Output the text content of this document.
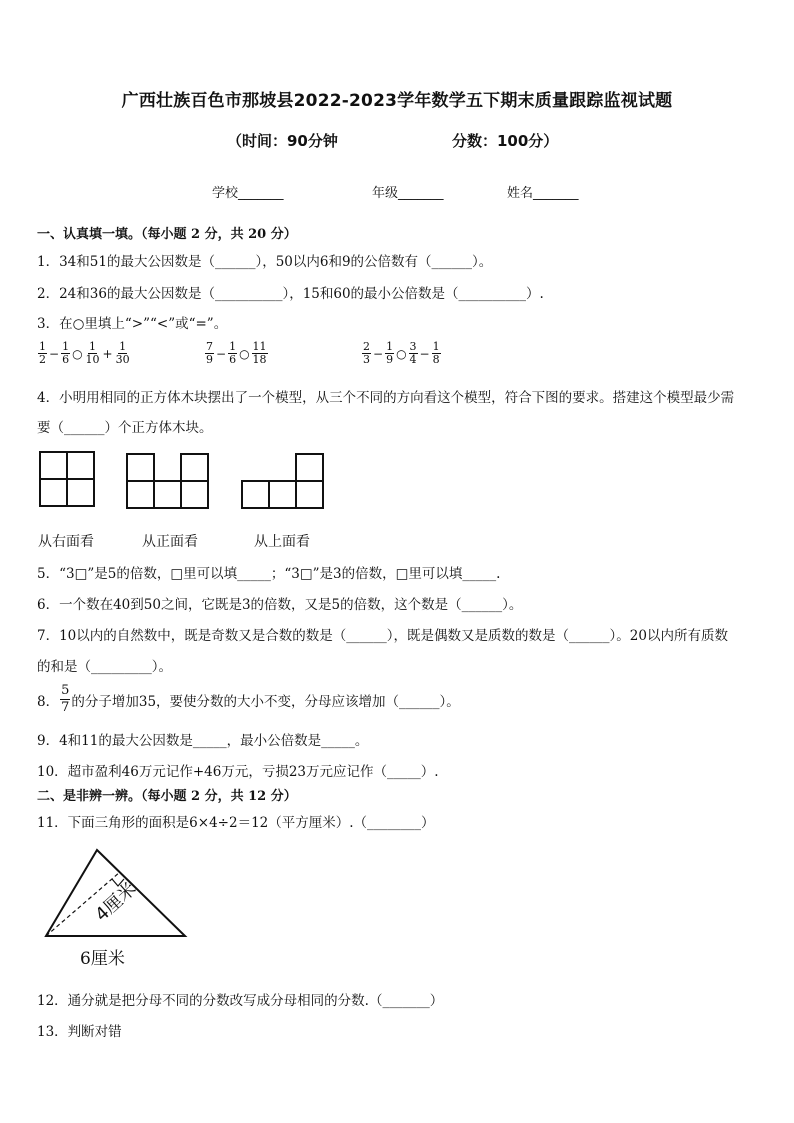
广西壮族百色市那坡县2022-2023学年数学五下期末质量跟踪监视试题
（时间：90分钟	分数：100分）
学校_______	年级_______	姓名_______
一、认真填一填。（每小题 2 分，共 20 分）
1．34和51的最大公因数是（______），50以内6和9的公倍数有（______）。
2．24和36的最大公因数是（__________），15和60的最小公倍数是（__________）.
3．在○里填上“>”“<”或“=”。
$\frac{1}{2} - \frac{1}{6}$ ○ $\frac{1}{10} + \frac{1}{30}$	$\frac{7}{9} - \frac{1}{6}$ ○ $\frac{11}{18}$	$\frac{2}{3} - \frac{1}{9}$ ○ $\frac{3}{4} - \frac{1}{8}$
4．小明用相同的正方体木块摆出了一个模型，从三个不同的方向看这个模型，符合下图的要求。搭建这个模型最少需
要（______）个正方体木块。
从右面看	从正面看	从上面看
5．“3□”是5的倍数，□里可以填_____；“3□”是3的倍数，□里可以填_____.
6．一个数在40到50之间，它既是3的倍数，又是5的倍数，这个数是（______）。
7．10以内的自然数中，既是奇数又是合数的数是（______），既是偶数又是质数的数是（______）。20以内所有质数
的和是（_________）。
8． $\frac{5}{7}$ 的分子增加35，要使分数的大小不变，分母应该增加（______）。
9．4和11的最大公因数是_____，最小公倍数是_____。
10．超市盈利46万元记作+46万元，亏损23万元应记作（_____）.
二、是非辨一辨。（每小题 2 分，共 12 分）
11．下面三角形的面积是6×4÷2＝12（平方厘米）.（________）
4厘米
6厘米
12．通分就是把分母不同的分数改写成分母相同的分数.（_______）
13．判断对错
